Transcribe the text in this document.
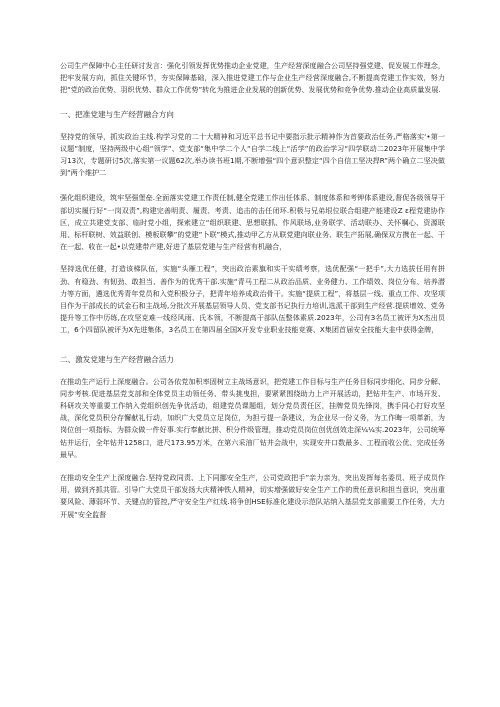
公司生产保障中心主任研讨发言：强化引领发挥优势推动企业党建，生产经营深度融合公司坚持强党建、促发展工作理念，把牢发展方向，抓住关键环节，夯实保障基础，深入推进党建工作与企业生产经营深度融合,不断提高党建工作实效，努力把“党的政治优势、羽织优势、群众工作优势”转化为推进企业发展的创新优势、发展优势和竞争优势.推动企业高质量发展.

一、把准党建与生产经营融合方向

坚持党的领导，抓实政治主线.构学习党的二十大精神和习近平总书记中要指示批示精神作为首要政治任务,严格落实‘•第一议题”制度，坚持两级中心组“领学”、党支部“集中学二个人“自学二线上“活学”的政治学习“四学联动二2023年开展集中学习13次，专题研讨5次,落实第一议题62次,举办读书班1期,不断增强“四个意识整定“四个自信工坚决捍R”两个确立二坚决做到“两个维护二

强化组织建设，筑牢坚强堡垒.全面落实党建工作责任制,健全党建工作出任体系、制度体系和考钾体系建设,督促各级领导干部切实履行好“一岗双责”,构建完善明责、履责、考责、追击的击任闭环.积极与兄弟垠位联合组建产能建设Z ε程党建协作区，成立共建党支部、临时党小组，探索建立“组织联建、思想联抓、作风联场,业务联学、活动联办、关怀嘱心、资源联用、标杆联树、效益联创、模板联攀”的党建”卜联”模式,推动甲乙方从联党建向联业务、联生产拓展,确保双方携在一起、干在一起、收在一起•以党建带产建,好进了基层党建与生产经营有机融合，

坚持选优任健，打造该梯队伍，实施“头雁工程”，突出政治素旗和实干实绩考察，选优配强“一把手”,大力选拔任用有拼劲、有稳劲、有韧劲、敢担当、善作为的优秀干部.实施“青马工程二从政治品质、业务健力、工作绩效、岗位分布、培养潜力等方面，遴选优秀青年党员和入党积极分子，把青年培养成政治骨干。实施“提质工程”，将基层一线、重点工作、攻坚项目作为干部成长的试金石和主战场,分批次开展基层领导人员、党支部书记执行力培训,选派干部到生产经营.提质增效、党务提升等工作中历练,在攻坚克难一线经风雨、氏本领，不断提高干部队伍整体素质.2023年，公司有3名员工被评为X杰出员工，6个四留队被评为X先进集体，3名员工在第四届全国X开发专业职业技能竞赛、X集团首届安全技能大韭中获得金牌，

二、激发党建与生产经营融合活力

在推动生产运行上深度融合。公司各依党加积率固树立主战场意识，把党建工作目标与生产任务目标同步细化、同步分解、同步考核.促进基层党支部和全体党员主动领任务、带头挑曳担，要紧紧围绕助力上产开展活动，把钻井生产、市场开发、科研攻关等重要工作纳入党组织创先争优活动，组建党员课题组，划分党员责任区，挂牌党员先锋岗，携手同心打好攻坚战，深化党员积分存懈献礼行动，加织广大党员立足岗位，为担亏提一条建议，为企业尽一份义务，为工作晦一项革新，为岗位创一项指标、为群众做一件好事.实行奉献比拼、积分件级管理，推动党员岗位创优创效走深¼¼实.2023年，公司统筹钻井运行，全年钻井1258口，进尺173.95万米，在第六采油厂钻井会战中，实现安井口数最多、工程而收公优、完成任务最早。

在推动安全生产上深度融合.坚持党政同责、上下同挪安全生产，公司党政把手”亲力亲为，突出发挥每名委员、班子成员作用，做到齐抓共管。引导广大党员干部发扬大庆精神铁人精神，切实增强做好安全生产工作的贵任意识和担当意识，突出重要风险、薄弱环节、关键点的管控,严守安全生产红线.将争创HSE标准化建设示范队站纳入基层党支部重要工作任务，大力开展“安全监督
